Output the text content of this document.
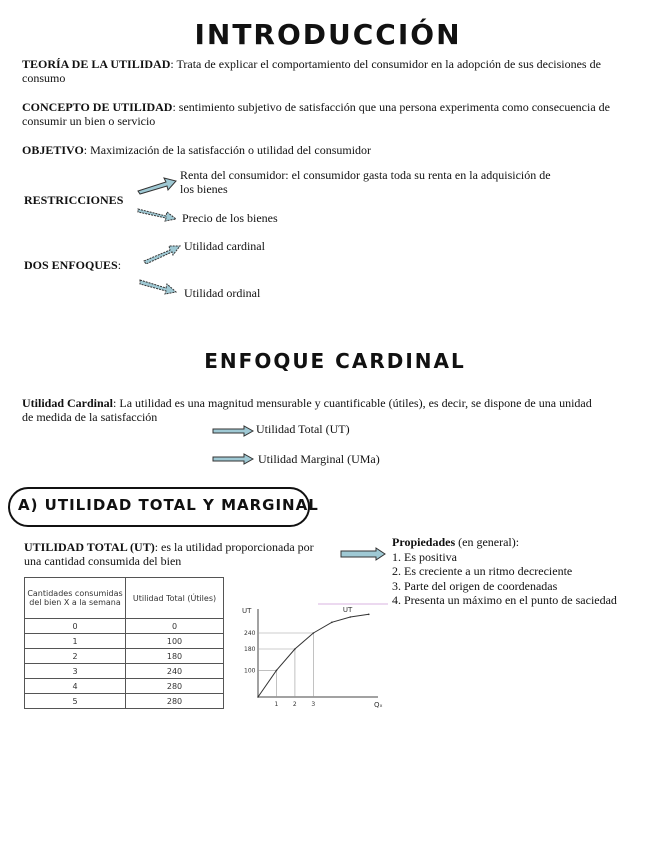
INTRODUCCIÓN
TEORÍA DE LA UTILIDAD: Trata de explicar el comportamiento del consumidor en la adopción de sus decisiones de consumo
CONCEPTO DE UTILIDAD: sentimiento subjetivo de satisfacción que una persona experimenta como consecuencia de consumir un bien o servicio
OBJETIVO: Maximización de la satisfacción o utilidad del consumidor
RESTRICCIONES
Renta del consumidor: el consumidor gasta toda su renta en la adquisición de los bienes
Precio de los bienes
DOS ENFOQUES:
Utilidad cardinal
Utilidad ordinal
ENFOQUE CARDINAL
Utilidad Cardinal: La utilidad es una magnitud mensurable y cuantificable (útiles), es decir, se dispone de una unidad de medida de la satisfacción
Utilidad Total (UT)
Utilidad Marginal (UMa)
A) UTILIDAD TOTAL Y MARGINAL
UTILIDAD TOTAL (UT): es la utilidad proporcionada por una cantidad consumida del bien
Propiedades (en general):
1. Es positiva
2. Es creciente a un ritmo decreciente
3. Parte del origen de coordenadas
4. Presenta un máximo en el punto de saciedad
Cantidades consumidas del bien X a la semana	Utilidad Total (Útiles)
0	0
1	100
2	180
3	240
4	280
5	280
UT
Qₓ
1 2 3
100
180
240
UT
